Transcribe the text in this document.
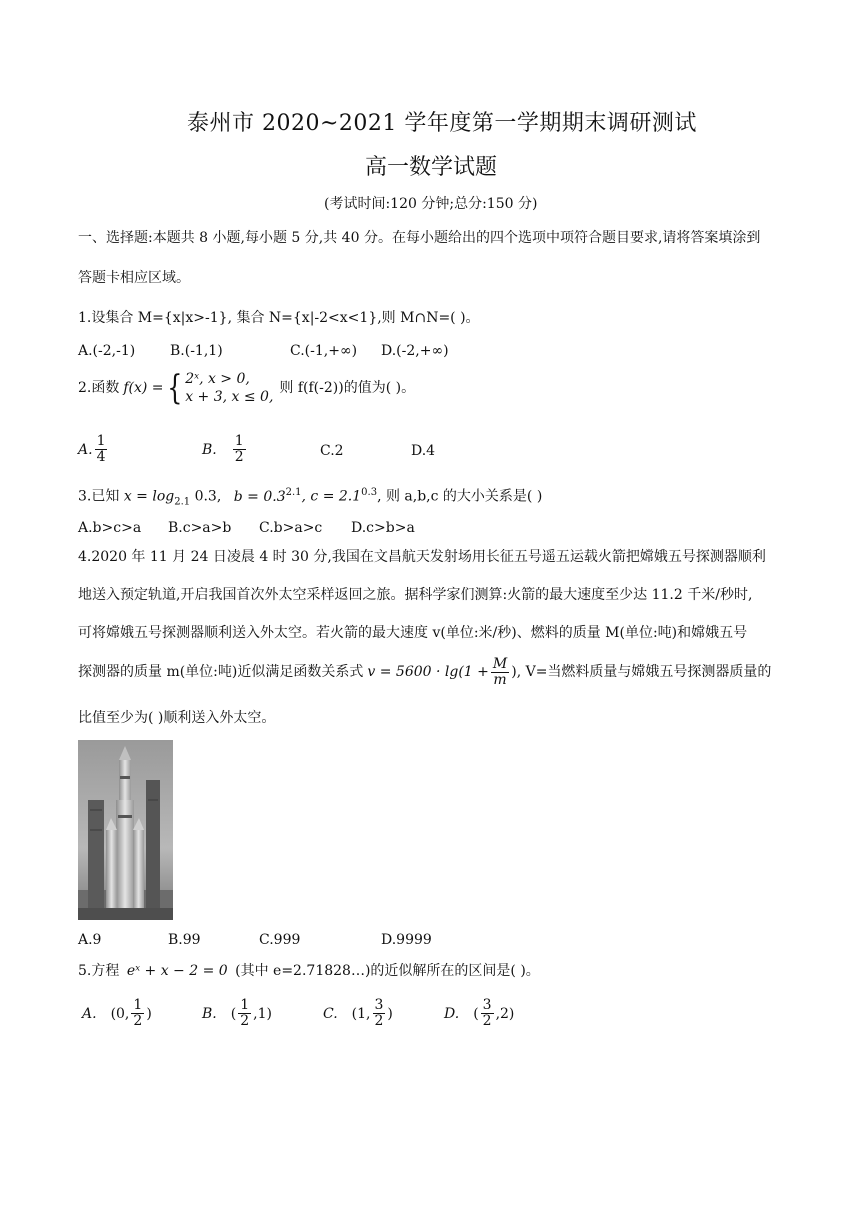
泰州市 2020~2021 学年度第一学期期末调研测试
高一数学试题
(考试时间:120 分钟;总分:150 分)
一、选择题:本题共 8 小题,每小题 5 分,共 40 分。在每小题给出的四个选项中项符合题目要求,请将答案填涂到
答题卡相应区域。
1.设集合 M={x|x>-1}, 集合 N={x|-2<x<1},则 M∩N=( )。
A.(-2,-1) B.(-1,1)	C.(-1,+∞) D.(-2,+∞)
2.函数 f(x) = { 2ˣ, x > 0,
x + 3, x ≤ 0,
则 f(f(-2))的值为( )。
A. $\frac{1}{4}$	B. $\frac{1}{2}$	C.2	D.4
3.已知 $x = \log_{2.1} 0.3$, $b = 0.3^{2.1}$, $c = 2.1^{0.3}$, 则 a,b,c 的大小关系是( )
A.b>c>a B.c>a>b C.b>a>c D.c>b>a
4.2020 年 11 月 24 日凌晨 4 时 30 分,我国在文昌航天发射场用长征五号遥五运载火箭把嫦娥五号探测器顺利
地送入预定轨道,开启我国首次外太空采样返回之旅。据科学家们测算:火箭的最大速度至少达 11.2 千米/秒时,
可将嫦娥五号探测器顺利送入外太空。若火箭的最大速度 v(单位:米/秒)、燃料的质量 M(单位:吨)和嫦娥五号
探测器的质量 m(单位:吨)近似满足函数关系式 $v = 5600 \cdot \lg(1 + \frac{M}{m}$ ), V=当燃料质量与嫦娥五号探测器质量的
比值至少为( )顺利送入外太空。
A.9	B.99	C.999	D.9999
5.方程 eˣ + x − 2 = 0 (其中 e=2.71828…)的近似解所在的区间是( )。
A. (0, $\frac{1}{2}$ )	B. ( $\frac{1}{2} ,1$)	C. (1, $\frac{3}{2}$ )	D. ( $\frac{3}{2} ,2$)
